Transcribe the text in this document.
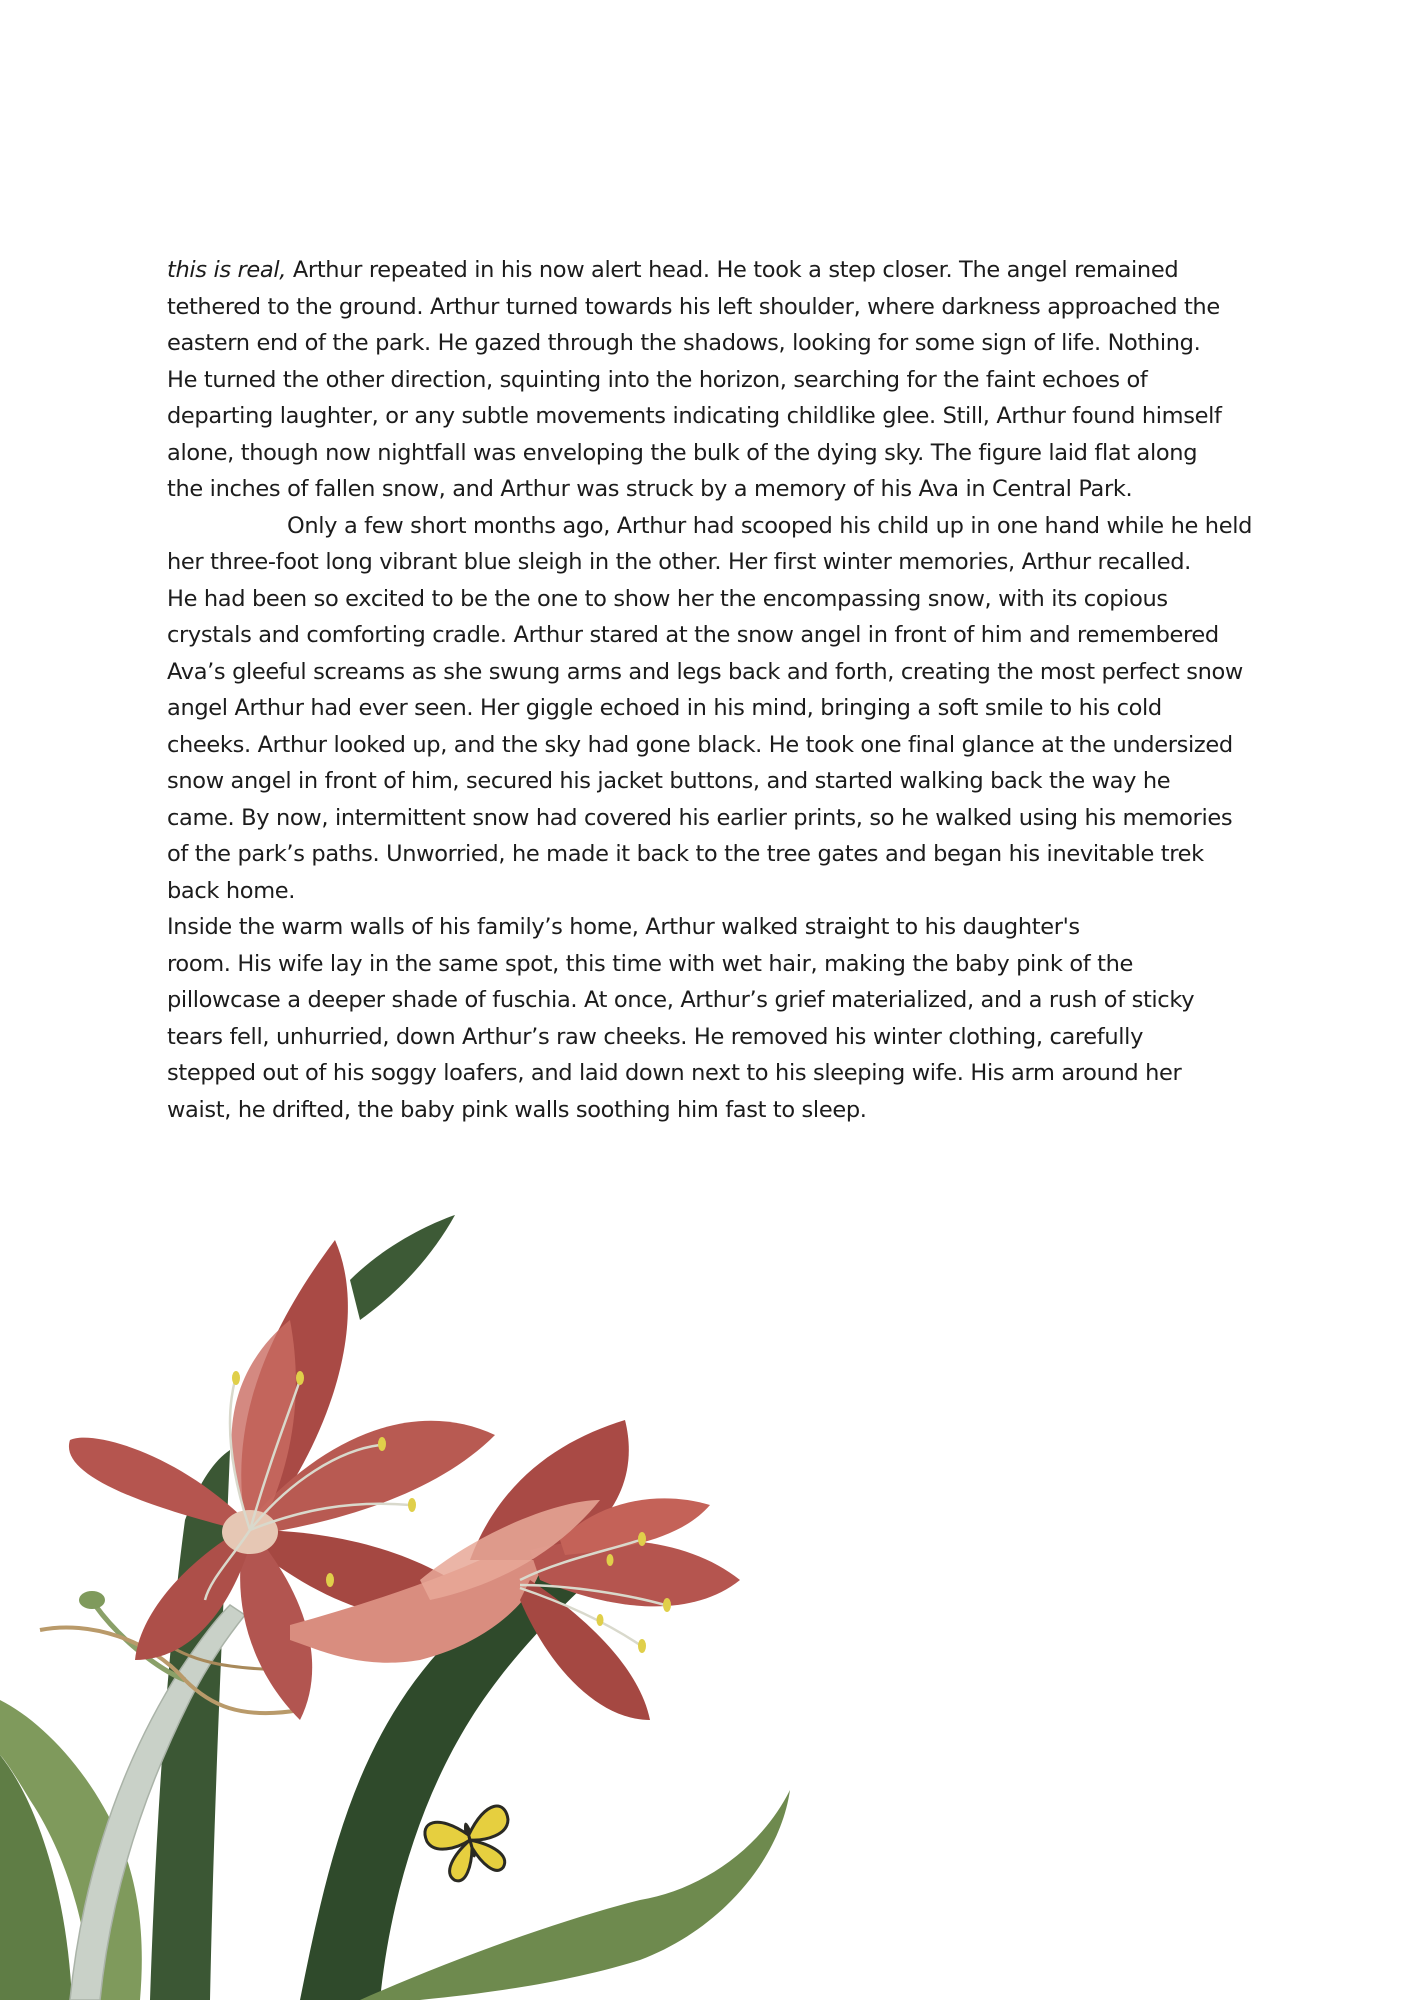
this is real, Arthur repeated in his now alert head. He took a step closer. The angel remained
tethered to the ground. Arthur turned towards his left shoulder, where darkness approached the
eastern end of the park. He gazed through the shadows, looking for some sign of life. Nothing.
He turned the other direction, squinting into the horizon, searching for the faint echoes of
departing laughter, or any subtle movements indicating childlike glee. Still, Arthur found himself
alone, though now nightfall was enveloping the bulk of the dying sky. The figure laid flat along
the inches of fallen snow, and Arthur was struck by a memory of his Ava in Central Park.

Only a few short months ago, Arthur had scooped his child up in one hand while he held
her three-foot long vibrant blue sleigh in the other. Her first winter memories, Arthur recalled.
He had been so excited to be the one to show her the encompassing snow, with its copious
crystals and comforting cradle. Arthur stared at the snow angel in front of him and remembered
Ava’s gleeful screams as she swung arms and legs back and forth, creating the most perfect snow
angel Arthur had ever seen. Her giggle echoed in his mind, bringing a soft smile to his cold
cheeks. Arthur looked up, and the sky had gone black. He took one final glance at the undersized
snow angel in front of him, secured his jacket buttons, and started walking back the way he
came. By now, intermittent snow had covered his earlier prints, so he walked using his memories
of the park’s paths. Unworried, he made it back to the tree gates and began his inevitable trek
back home.

Inside the warm walls of his family’s home, Arthur walked straight to his daughter's
room. His wife lay in the same spot, this time with wet hair, making the baby pink of the
pillowcase a deeper shade of fuschia. At once, Arthur’s grief materialized, and a rush of sticky
tears fell, unhurried, down Arthur’s raw cheeks. He removed his winter clothing, carefully
stepped out of his soggy loafers, and laid down next to his sleeping wife. His arm around her
waist, he drifted, the baby pink walls soothing him fast to sleep.
